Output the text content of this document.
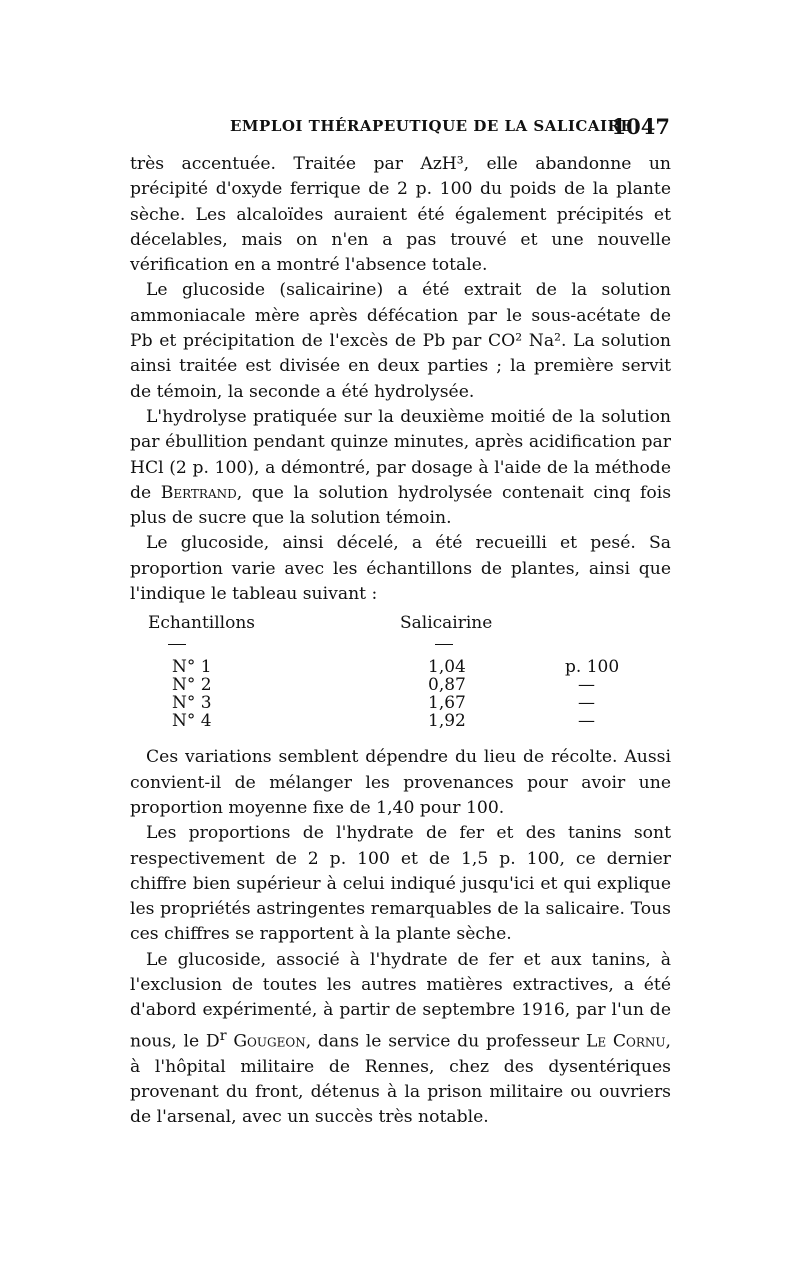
EMPLOI THÉRAPEUTIQUE DE LA SALICAIRE
1047

très accentuée. Traitée par AzH³, elle abandonne un précipité d'oxyde ferrique de 2 p. 100 du poids de la plante sèche. Les alcaloïdes auraient été également précipités et décelables, mais on n'en a pas trouvé et une nouvelle vérification en a montré l'absence totale.

Le glucoside (salicairine) a été extrait de la solution ammoniacale mère après défécation par le sous-acétate de Pb et précipitation de l'excès de Pb par CO² Na². La solution ainsi traitée est divisée en deux parties ; la première servit de témoin, la seconde a été hydrolysée.

L'hydrolyse pratiquée sur la deuxième moitié de la solution par ébullition pendant quinze minutes, après acidification par HCl (2 p. 100), a démontré, par dosage à l'aide de la méthode de Bertrand, que la solution hydrolysée contenait cinq fois plus de sucre que la solution témoin.

Le glucoside, ainsi décelé, a été recueilli et pesé. Sa proportion varie avec les échantillons de plantes, ainsi que l'indique le tableau suivant :

Echantillons	Salicairine
N° 1	1,04	p. 100
N° 2	0,87	—
N° 3	1,67	—
N° 4	1,92	—

Ces variations semblent dépendre du lieu de récolte. Aussi convient-il de mélanger les provenances pour avoir une proportion moyenne fixe de 1,40 pour 100.

Les proportions de l'hydrate de fer et des tanins sont respectivement de 2 p. 100 et de 1,5 p. 100, ce dernier chiffre bien supérieur à celui indiqué jusqu'ici et qui explique les propriétés astringentes remarquables de la salicaire. Tous ces chiffres se rapportent à la plante sèche.

Le glucoside, associé à l'hydrate de fer et aux tanins, à l'exclusion de toutes les autres matières extractives, a été d'abord expérimenté, à partir de septembre 1916, par l'un de nous, le $D^r$ Gougeon, dans le service du professeur Le Cornu, à l'hôpital militaire de Rennes, chez des dysentériques provenant du front, détenus à la prison militaire ou ouvriers de l'arsenal, avec un succès très notable.
